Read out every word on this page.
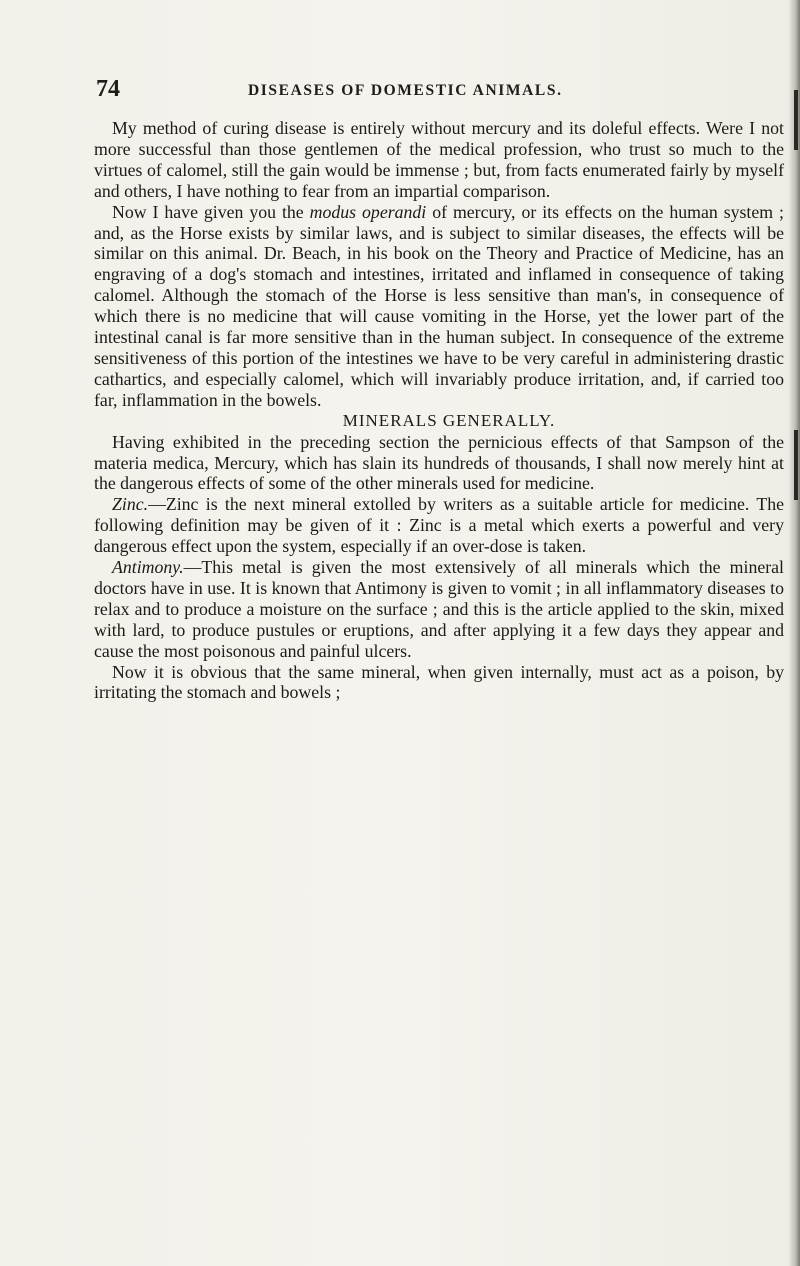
74	DISEASES OF DOMESTIC ANIMALS.

My method of curing disease is entirely without mercury and its doleful effects. Were I not more successful than those gentlemen of the medical profession, who trust so much to the virtues of calomel, still the gain would be immense ; but, from facts enumerated fairly by myself and others, I have nothing to fear from an impartial comparison.

Now I have given you the modus operandi of mercury, or its effects on the human system ; and, as the Horse exists by similar laws, and is subject to similar diseases, the effects will be similar on this animal. Dr. Beach, in his book on the Theory and Practice of Medicine, has an engraving of a dog's stomach and intestines, irritated and inflamed in consequence of taking calomel. Although the stomach of the Horse is less sensitive than man's, in consequence of which there is no medicine that will cause vomiting in the Horse, yet the lower part of the intestinal canal is far more sensitive than in the human subject. In consequence of the extreme sensitiveness of this portion of the intestines we have to be very careful in administering drastic cathartics, and especially calomel, which will invariably produce irritation, and, if carried too far, inflammation in the bowels.

MINERALS GENERALLY.

Having exhibited in the preceding section the pernicious effects of that Sampson of the materia medica, Mercury, which has slain its hundreds of thousands, I shall now merely hint at the dangerous effects of some of the other minerals used for medicine.

Zinc.—Zinc is the next mineral extolled by writers as a suitable article for medicine. The following definition may be given of it : Zinc is a metal which exerts a powerful and very dangerous effect upon the system, especially if an over-dose is taken.

Antimony.—This metal is given the most extensively of all minerals which the mineral doctors have in use. It is known that Antimony is given to vomit ; in all inflammatory diseases to relax and to produce a moisture on the surface ; and this is the article applied to the skin, mixed with lard, to produce pustules or eruptions, and after applying it a few days they appear and cause the most poisonous and painful ulcers.

Now it is obvious that the same mineral, when given internally, must act as a poison, by irritating the stomach and bowels ;
